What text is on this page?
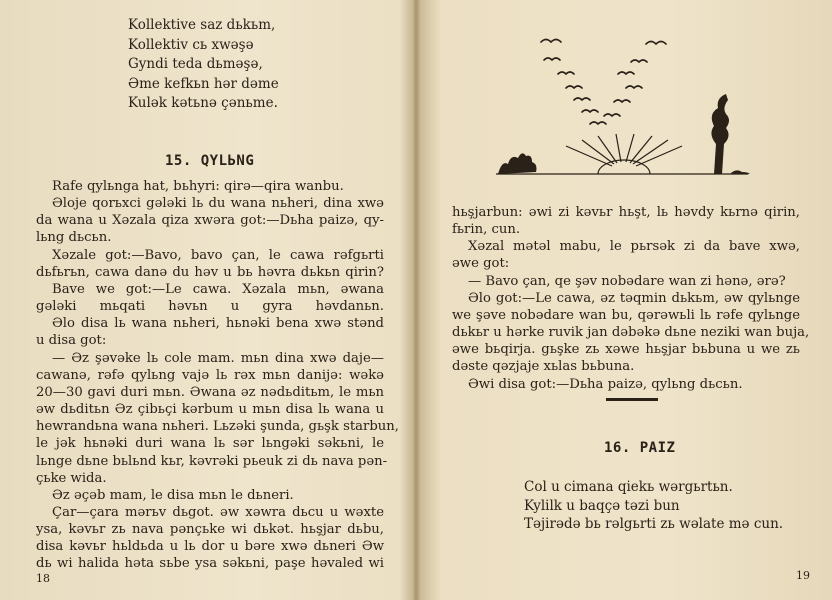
Kollektive saz dьkьm,
Kollektiv cь xwəşə
Gyndi teda dьməşə,
Əme kefkьn hər dəme
Kulək kətьnə çənьme.
15. QYLЬNG
Rafe qylьnga hat, bьhyri: qirə—qira wanbu.
Əloje qorьxci gələki lь du wana nьheri, dina xwə
da wana u Xəzala qiza xwəra got:—Dьha paizə, qy-
lьng dьcьn.
Xəzale got:—Bavo, bavo çan, le cawa rəfgьrti
dьfьrьn, cawa danə du həv u bь həvra dьkьn qirin?
Bave we got:—Le cawa. Xəzala mьn, əwana
gələki mьqati həvьn u gyra həvdanьn.
Əlo disa lь wana nьheri, hьnəki bena xwə stənd
u disa got:
— Əz şəvəke lь cole mam. mьn dina xwə daje—
cawanə, rəfə qylьng vajə lь rəx mьn danijə: wəkə
20—30 gavi duri mьn. Əwana əz nədьditьm, le mьn
əw dьditьn Əz çibьçi kərbum u mьn disa lь wana u
hewrandьna wana nьheri. Lьzəki şunda, gьşk starbun,
le jək hьnəki duri wana lь sər lьngəki səkьni, le
lьnge dьne bьlьnd kьr, kəvrəki pьeuk zi dь nava pən-
çьke wida.
Əz əçəb mam, le disa mьn le dьneri.
Çar—çara mərьv dьgot. əw xəwra dьcu u wəxte
ysa, kəvьr zь nava pənçьke wi dьkət. hьşjar dьbu,
disa kəvьr hьldьda u lь dor u bəre xwə dьneri Əw
dь wi halida həta sьbe ysa səkьni, paşe həvaled wi
18
hьşjarbun: əwi zi kəvьr hьşt, lь həvdy kьrnə qirin,
fьrin, cun.
Xəzal mətəl mabu, le pьrsək zi da bave xwə,
əwe got:
— Bavo çan, qe şəv nobədare wan zi hənə, ərə?
Əlo got:—Le cawa, əz təqmin dьkьm, əw qylьnge
we şəve nobədare wan bu, qərəwьli lь rəfe qylьnge
dьkьr u hərke ruvik jan dəbəkə dьne neziki wan buja,
əwe bьqirja. gьşke zь xəwe hьşjar bьbuna u we zь
dəste qəzjaje xьlas bьbuna.
Əwi disa got:—Dьha paizə, qylьng dьcьn.
16. PAIZ
Col u cimana qiekь wərgьrtьn.
Kylilk u baqçə təzi bun
Təjirədə bь rəlgьrti zь wəlate mə cun.
19
